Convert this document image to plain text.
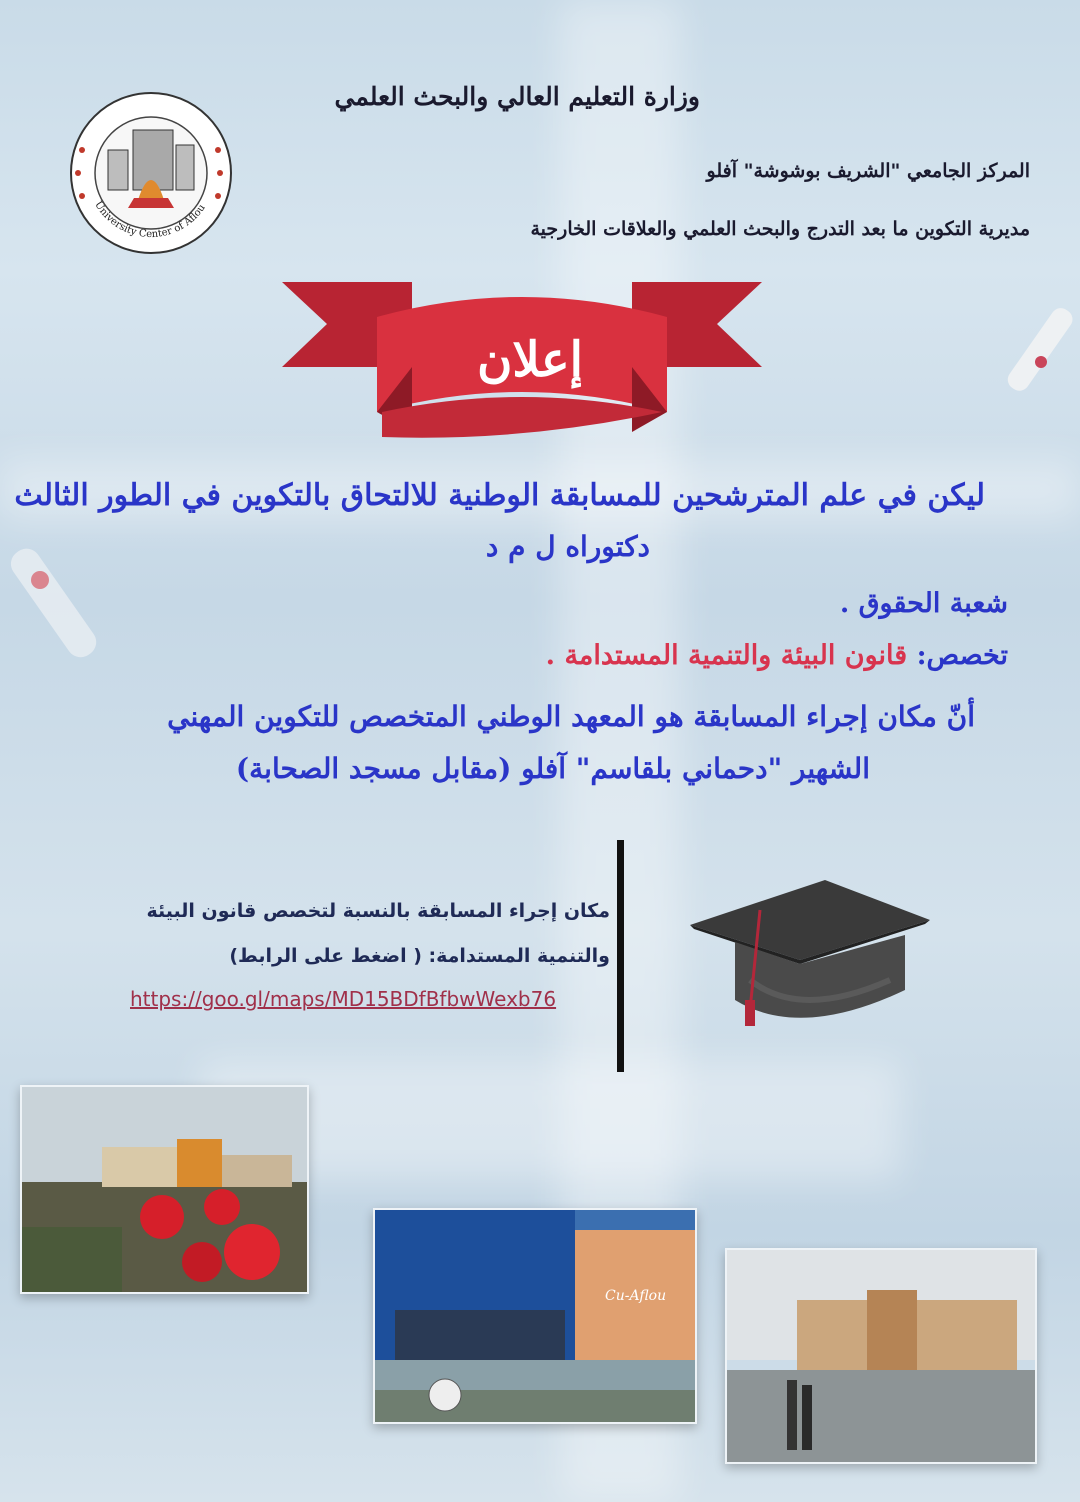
وزارة التعليم العالي والبحث العلمي
المركز الجامعي "الشريف بوشوشة" آفلو
مديرية التكوين ما بعد التدرج والبحث العلمي والعلاقات الخارجية
University Center of Aflou
إعلان
ليكن في علم المترشحين للمسابقة الوطنية للالتحاق بالتكوين في الطور الثالث
دكتوراه ل م د
شعبة الحقوق .
تخصص: قانون البيئة والتنمية المستدامة .
أنّ مكان إجراء المسابقة هو المعهد الوطني المتخصص للتكوين المهني
الشهير "دحماني بلقاسم" آفلو (مقابل مسجد الصحابة)
مكان إجراء المسابقة بالنسبة لتخصص قانون البيئة
والتنمية المستدامة: ( اضغط على الرابط)
https://goo.gl/maps/MD15BDfBfbwWexb76
Cu-Aflou
